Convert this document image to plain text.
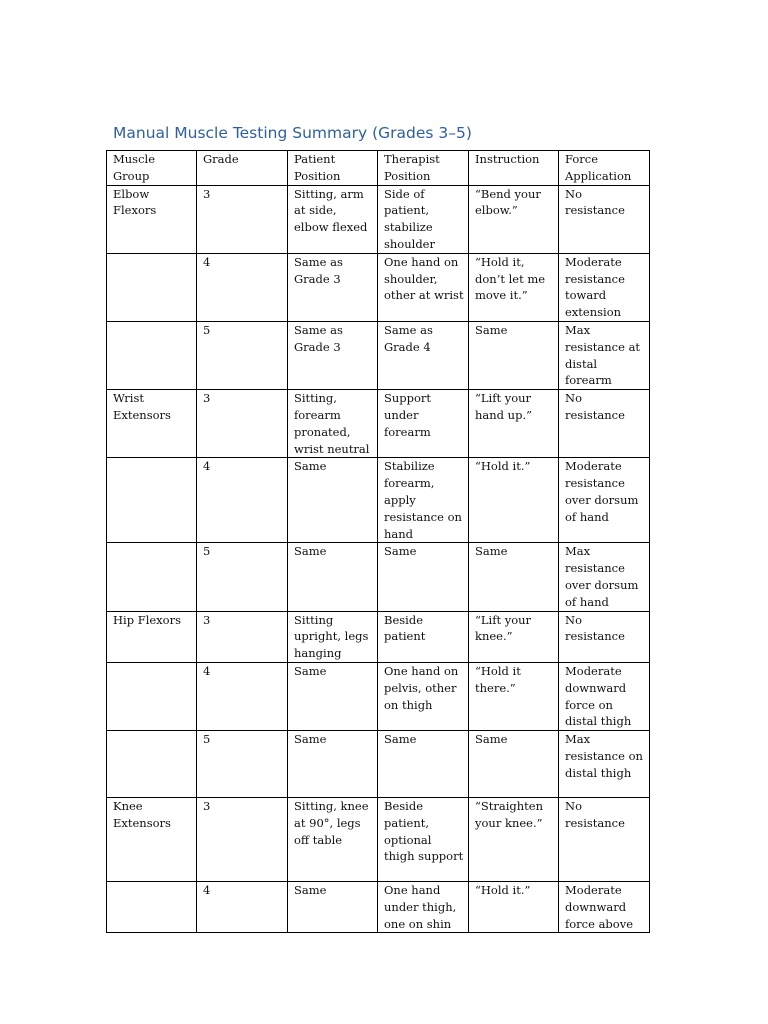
Manual Muscle Testing Summary (Grades 3–5)
Muscle Group	Grade	Patient Position	Therapist Position	Instruction	Force Application
Elbow Flexors	3	Sitting, arm at side, elbow flexed	Side of patient, stabilize shoulder	“Bend your elbow.”	No resistance
	4	Same as Grade 3	One hand on shoulder, other at wrist	“Hold it, don’t let me move it.”	Moderate resistance toward extension
	5	Same as Grade 3	Same as Grade 4	Same	Max resistance at distal forearm
Wrist Extensors	3	Sitting, forearm pronated, wrist neutral	Support under forearm	“Lift your hand up.”	No resistance
	4	Same	Stabilize forearm, apply resistance on hand	“Hold it.”	Moderate resistance over dorsum of hand
	5	Same	Same	Same	Max resistance over dorsum of hand
Hip Flexors	3	Sitting upright, legs hanging	Beside patient	“Lift your knee.”	No resistance
	4	Same	One hand on pelvis, other on thigh	“Hold it there.”	Moderate downward force on distal thigh
	5	Same	Same	Same	Max resistance on distal thigh
Knee Extensors	3	Sitting, knee at 90°, legs off table	Beside patient, optional thigh support	“Straighten your knee.”	No resistance
	4	Same	One hand under thigh, one on shin	“Hold it.”	Moderate downward force above
